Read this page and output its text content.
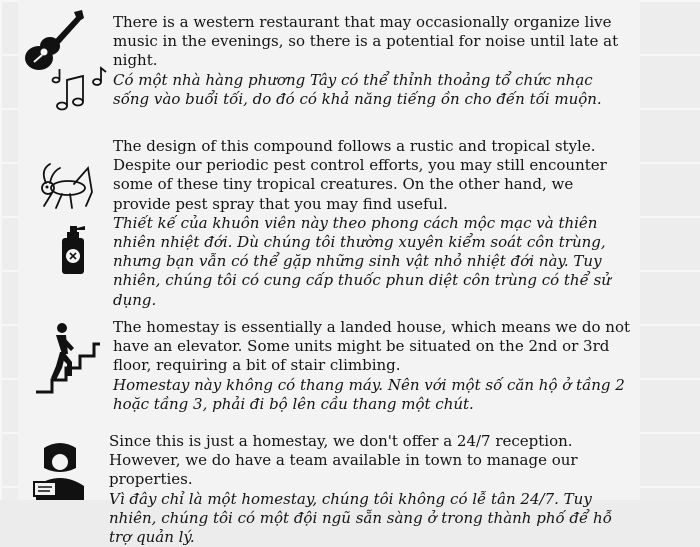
There is a western restaurant that may occasionally organize live music in the evenings, so there is a potential for noise until late at night.

Có một nhà hàng phương Tây có thể thỉnh thoảng tổ chức nhạc sống vào buổi tối, do đó có khả năng tiếng ồn cho đến tối muộn.

The design of this compound follows a rustic and tropical style. Despite our periodic pest control efforts, you may still encounter some of these tiny tropical creatures. On the other hand, we provide pest spray that you may find useful.

Thiết kế của khuôn viên này theo phong cách mộc mạc và thiên nhiên nhiệt đới. Dù chúng tôi thường xuyên kiểm soát côn trùng, nhưng bạn vẫn có thể gặp những sinh vật nhỏ nhiệt đới này. Tuy nhiên, chúng tôi có cung cấp thuốc phun diệt côn trùng có thể sử dụng.

The homestay is essentially a landed house, which means we do not have an elevator. Some units might be situated on the 2nd or 3rd floor, requiring a bit of stair climbing.

Homestay này không có thang máy. Nên với một số căn hộ ở tầng 2 hoặc tầng 3, phải đi bộ lên cầu thang một chút.

Since this is just a homestay, we don't offer a 24/7 reception. However, we do have a team available in town to manage our properties.

Vì đây chỉ là một homestay, chúng tôi không có lễ tân 24/7. Tuy nhiên, chúng tôi có một đội ngũ sẵn sàng ở trong thành phố để hỗ trợ quản lý.
